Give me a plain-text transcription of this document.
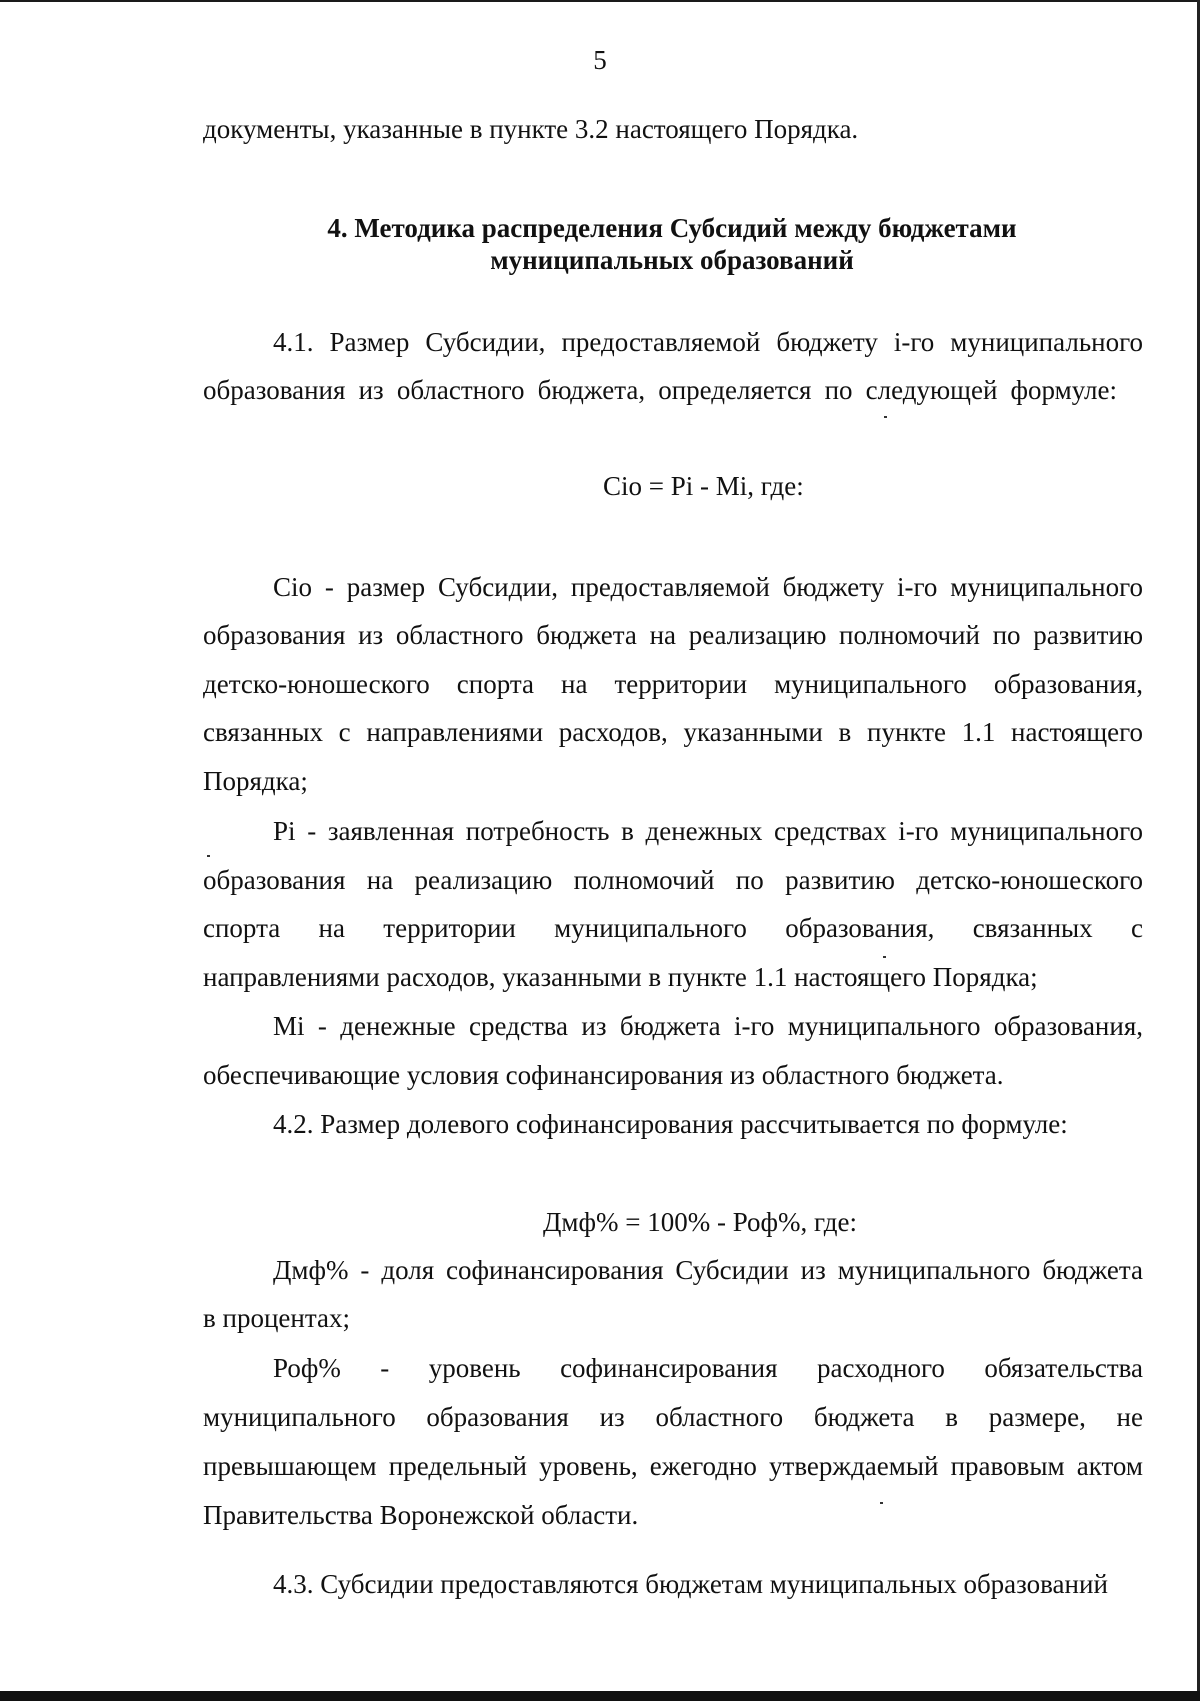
5

документы, указанные в пункте 3.2 настоящего Порядка.

4. Методика распределения Субсидий между бюджетами

муниципальных образований

4.1. Размер Субсидии, предоставляемой бюджету i-го муниципального

образования из областного бюджета, определяется по следующей формуле:

Cio = Pi - Mi, где:

Cio - размер Субсидии, предоставляемой бюджету i-го муниципального

образования из областного бюджета на реализацию полномочий по развитию

детско-юношеского спорта на территории муниципального образования,

связанных с направлениями расходов, указанными в пункте 1.1 настоящего

Порядка;

Pi - заявленная потребность в денежных средствах i-го муниципального

образования на реализацию полномочий по развитию детско-юношеского

спорта на территории муниципального образования, связанных с

направлениями расходов, указанными в пункте 1.1 настоящего Порядка;

Mi - денежные средства из бюджета i-го муниципального образования,

обеспечивающие условия софинансирования из областного бюджета.

4.2. Размер долевого софинансирования рассчитывается по формуле:

Дмф% = 100% - Роф%, где:

Дмф% - доля софинансирования Субсидии из муниципального бюджета

в процентах;

Роф% - уровень софинансирования расходного обязательства

муниципального образования из областного бюджета в размере, не

превышающем предельный уровень, ежегодно утверждаемый правовым актом

Правительства Воронежской области.

4.3. Субсидии предоставляются бюджетам муниципальных образований
